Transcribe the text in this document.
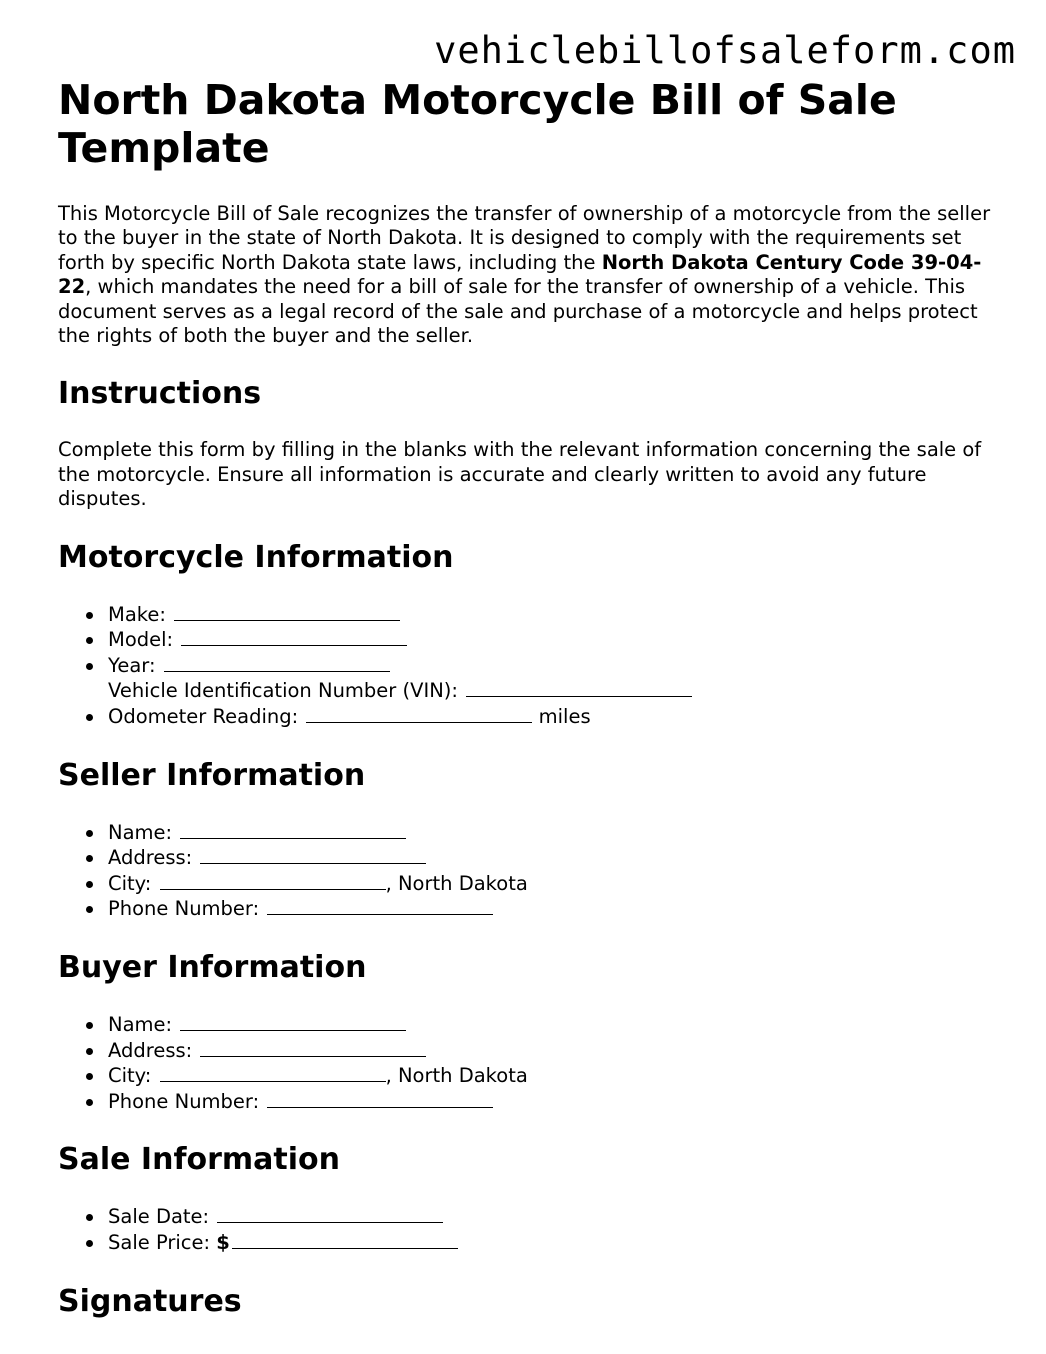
vehiclebillofsaleform.com
North Dakota Motorcycle Bill of Sale Template

This Motorcycle Bill of Sale recognizes the transfer of ownership of a motorcycle from the seller to the buyer in the state of North Dakota. It is designed to comply with the requirements set forth by specific North Dakota state laws, including the North Dakota Century Code 39-04-22, which mandates the need for a bill of sale for the transfer of ownership of a vehicle. This document serves as a legal record of the sale and purchase of a motorcycle and helps protect the rights of both the buyer and the seller.

Instructions

Complete this form by filling in the blanks with the relevant information concerning the sale of the motorcycle. Ensure all information is accurate and clearly written to avoid any future disputes.

Motorcycle Information
Make:
Model:
Year:
Vehicle Identification Number (VIN):
Odometer Reading:	miles
Seller Information
Name:
Address:
City:	, North Dakota
Phone Number:
Buyer Information
Name:
Address:
City:	, North Dakota
Phone Number:
Sale Information
Sale Date:
Sale Price: $
Signatures
